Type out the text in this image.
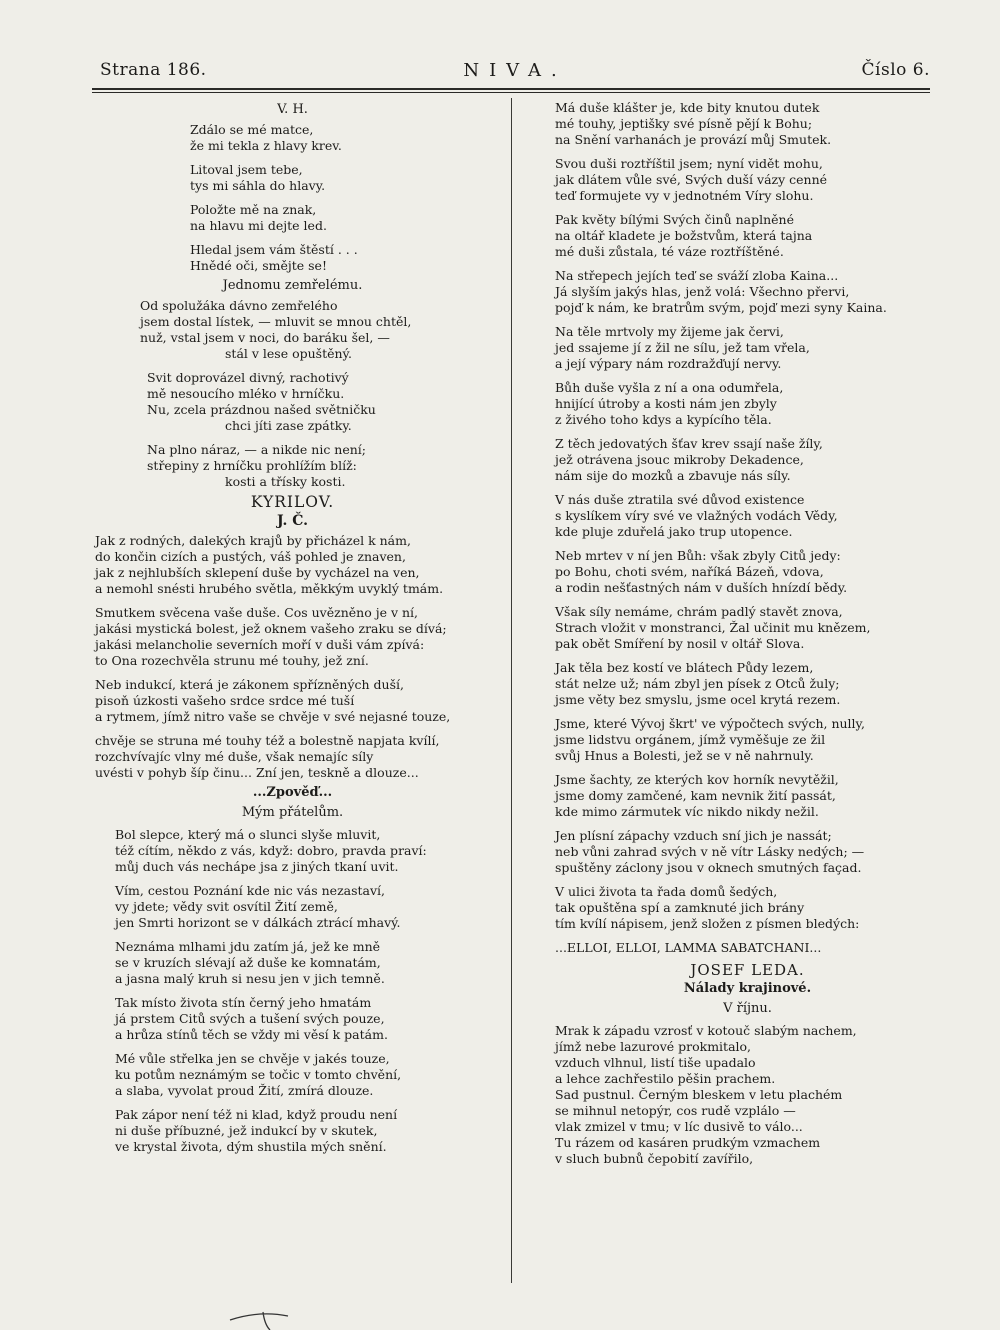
Strana 186.	NIVA.	Číslo 6.
V. H.
Zdálo se mé matce,
že mi tekla z hlavy krev.
Litoval jsem tebe,
tys mi sáhla do hlavy.
Položte mě na znak,
na hlavu mi dejte led.
Hledal jsem vám štěstí . . .
Hnědé oči, smějte se!
Jednomu zemřelému.
Od spolužáka dávno zemřelého
jsem dostal lístek, — mluvit se mnou chtěl,
nuž, vstal jsem v noci, do baráku šel, —
stál v lese opuštěný.
Svit doprovázel divný, rachotivý
mě nesoucího mléko v hrníčku.
Nu, zcela prázdnou našed světničku
chci jíti zase zpátky.
Na plno náraz, — a nikde nic není;
střepiny z hrníčku prohlížím blíž:
kosti a třísky kosti.
KYRILOV.
J. Č.
Jak z rodných, dalekých krajů by přicházel k nám,
do končin cizích a pustých, váš pohled je znaven,
jak z nejhlubších sklepení duše by vycházel na ven,
a nemohl snésti hrubého světla, měkkým uvyklý tmám.
Smutkem svěcena vaše duše. Cos uvězněno je v ní,
jakási mystická bolest, jež oknem vašeho zraku se dívá;
jakási melancholie severních moří v duši vám zpívá:
to Ona rozechvěla strunu mé touhy, jež zní.
Neb indukcí, která je zákonem spřízněných duší,
pisoň úzkosti vašeho srdce srdce mé tuší
a rytmem, jímž nitro vaše se chvěje v své nejasné touze,
chvěje se struna mé touhy též a bolestně napjata kvílí,
rozchvívajíc vlny mé duše, však nemajíc síly
uvésti v pohyb šíp činu... Zní jen, teskně a dlouze...
...Zpověď...
Mým přátelům.
Bol slepce, který má o slunci slyše mluvit,
též cítím, někdo z vás, když: dobro, pravda praví:
můj duch vás nechápe jsa z jiných tkaní uvit.
Vím, cestou Poznání kde nic vás nezastaví,
vy jdete; vědy svit osvítil Žití země,
jen Smrti horizont se v dálkách ztrácí mhavý.
Neznáma mlhami jdu zatím já, jež ke mně
se v kruzích slévají až duše ke komnatám,
a jasna malý kruh si nesu jen v jich temně.
Tak místo života stín černý jeho hmatám
já prstem Citů svých a tušení svých pouze,
a hrůza stínů těch se vždy mi věsí k patám.
Mé vůle střelka jen se chvěje v jakés touze,
ku potům neznámým se točic v tomto chvění,
a slaba, vyvolat proud Žití, zmírá dlouze.
Pak zápor není též ni klad, když proudu není
ni duše příbuzné, jež indukcí by v skutek,
ve krystal života, dým shustila mých snění.
Má duše klášter je, kde bity knutou dutek
mé touhy, jeptišky své písně pějí k Bohu;
na Snění varhanách je provází můj Smutek.
Svou duši roztříštil jsem; nyní vidět mohu,
jak dlátem vůle své, Svých duší vázy cenné
teď formujete vy v jednotném Víry slohu.
Pak květy bílými Svých činů naplněné
na oltář kladete je božstvům, která tajna
mé duši zůstala, té váze roztříštěné.
Na střepech jejích teď se sváží zloba Kaina...
Já slyším jakýs hlas, jenž volá: Všechno přervi,
pojď k nám, ke bratrům svým, pojď mezi syny Kaina.
Na těle mrtvoly my žijeme jak červi,
jed ssajeme jí z žil ne sílu, jež tam vřela,
a její výpary nám rozdražďují nervy.
Bůh duše vyšla z ní a ona odumřela,
hnijící útroby a kosti nám jen zbyly
z živého toho kdys a kypícího těla.
Z těch jedovatých šťav krev ssají naše žíly,
jež otrávena jsouc mikroby Dekadence,
nám sije do mozků a zbavuje nás síly.
V nás duše ztratila své důvod existence
s kyslíkem víry své ve vlažných vodách Vědy,
kde pluje zduřelá jako trup utopence.
Neb mrtev v ní jen Bůh: však zbyly Citů jedy:
po Bohu, choti svém, naříká Bázeň, vdova,
a rodin nešťastných nám v duších hnízdí bědy.
Však síly nemáme, chrám padlý stavět znova,
Strach vložit v monstranci, Žal učinit mu knězem,
pak obět Smíření by nosil v oltář Slova.
Jak těla bez kostí ve blátech Půdy lezem,
stát nelze už; nám zbyl jen písek z Otců žuly;
jsme věty bez smyslu, jsme ocel krytá rezem.
Jsme, které Vývoj škrt' ve výpočtech svých, nully,
jsme lidstvu orgánem, jímž vyměšuje ze žil
svůj Hnus a Bolesti, jež se v ně nahrnuly.
Jsme šachty, ze kterých kov horník nevytěžil,
jsme domy zamčené, kam nevnik žití passát,
kde mimo zármutek víc nikdo nikdy nežil.
Jen plísní zápachy vzduch sní jich je nassát;
neb vůni zahrad svých v ně vítr Lásky nedých; —
spuštěny záclony jsou v oknech smutných façad.
V ulici života ta řada domů šedých,
tak opuštěna spí a zamknuté jich brány
tím kvílí nápisem, jenž složen z písmen bledých:
...ELLOI, ELLOI, LAMMA SABATCHANI...
JOSEF LEDA.
Nálady krajinové.
V říjnu.
Mrak k západu vzrosť v kotouč slabým nachem,
jímž nebe lazurové prokmitalo,
vzduch vlhnul, listí tiše upadalo
a lehce zachřestilo pěšin prachem.
Sad pustnul. Černým bleskem v letu plachém
se mihnul netopýr, cos rudě vzplálo —
vlak zmizel v tmu; v líc dusivě to válo...
Tu rázem od kasáren prudkým vzmachem
v sluch bubnů čepobití zavířilo,
